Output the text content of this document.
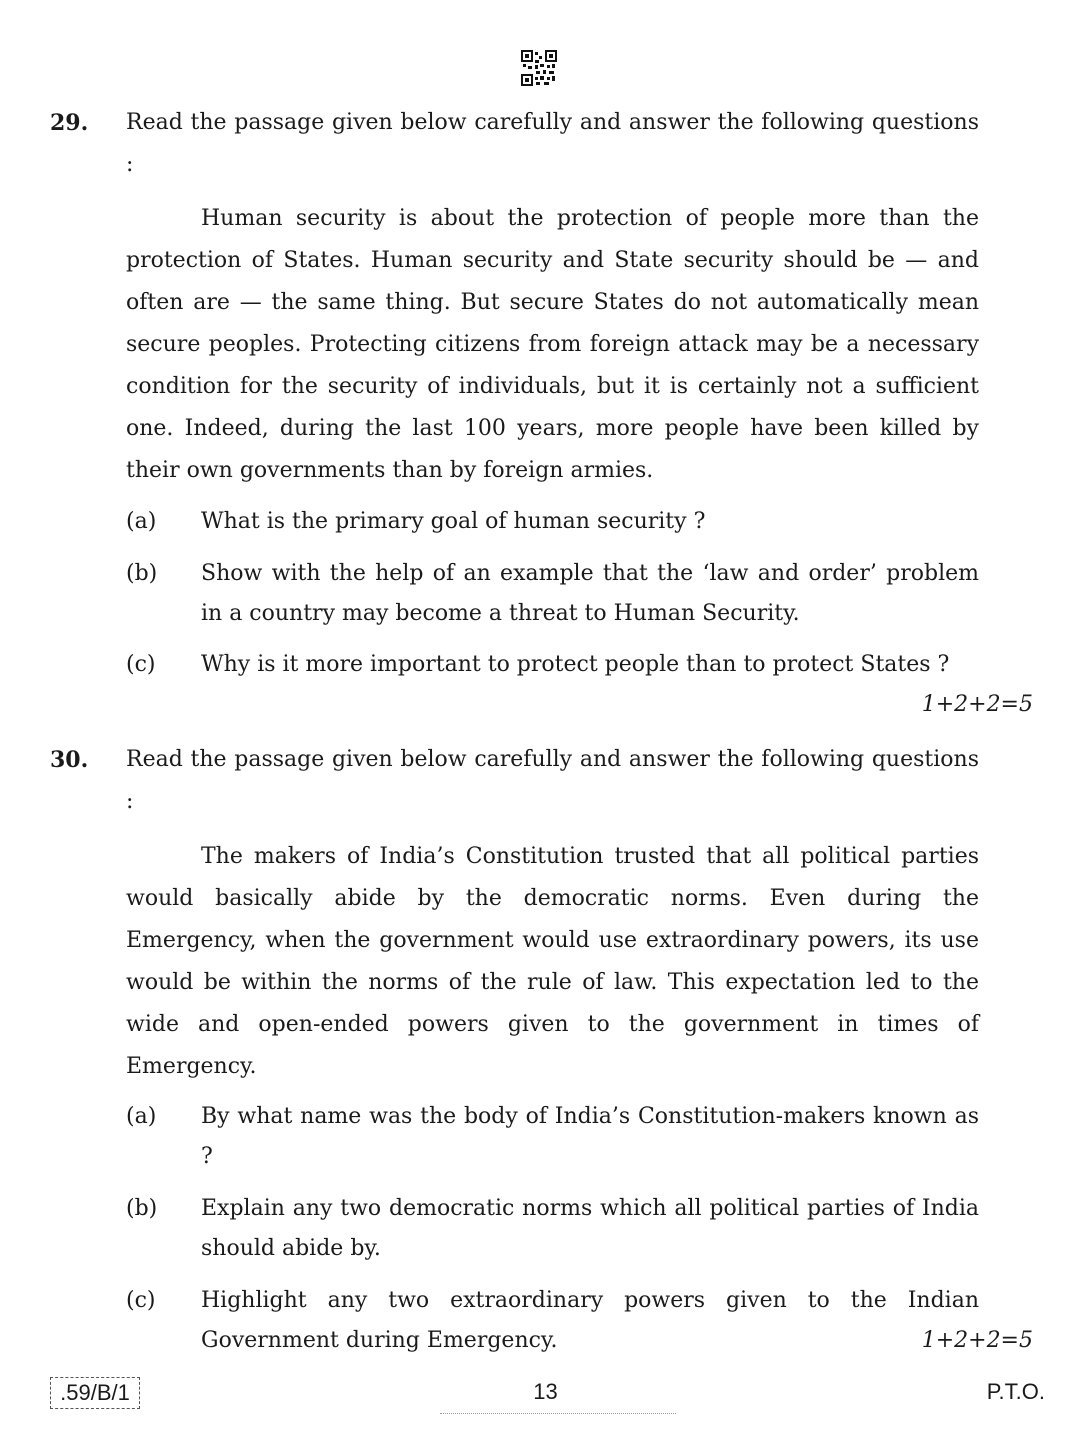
29. Read the passage given below carefully and answer the following questions :
Human security is about the protection of people more than the protection of States. Human security and State security should be — and often are — the same thing. But secure States do not automatically mean secure peoples. Protecting citizens from foreign attack may be a necessary condition for the security of individuals, but it is certainly not a sufficient one. Indeed, during the last 100 years, more people have been killed by their own governments than by foreign armies.
(a) What is the primary goal of human security ?
(b) Show with the help of an example that the ‘law and order’ problem in a country may become a threat to Human Security.
(c) Why is it more important to protect people than to protect States ?
1+2+2=5
30. Read the passage given below carefully and answer the following questions :
The makers of India’s Constitution trusted that all political parties would basically abide by the democratic norms. Even during the Emergency, when the government would use extraordinary powers, its use would be within the norms of the rule of law. This expectation led to the wide and open-ended powers given to the government in times of Emergency.
(a) By what name was the body of India’s Constitution-makers known as ?
(b) Explain any two democratic norms which all political parties of India should abide by.
(c) Highlight any two extraordinary powers given to the Indian Government during Emergency.	1+2+2=5
.59/B/1	13	P.T.O.
